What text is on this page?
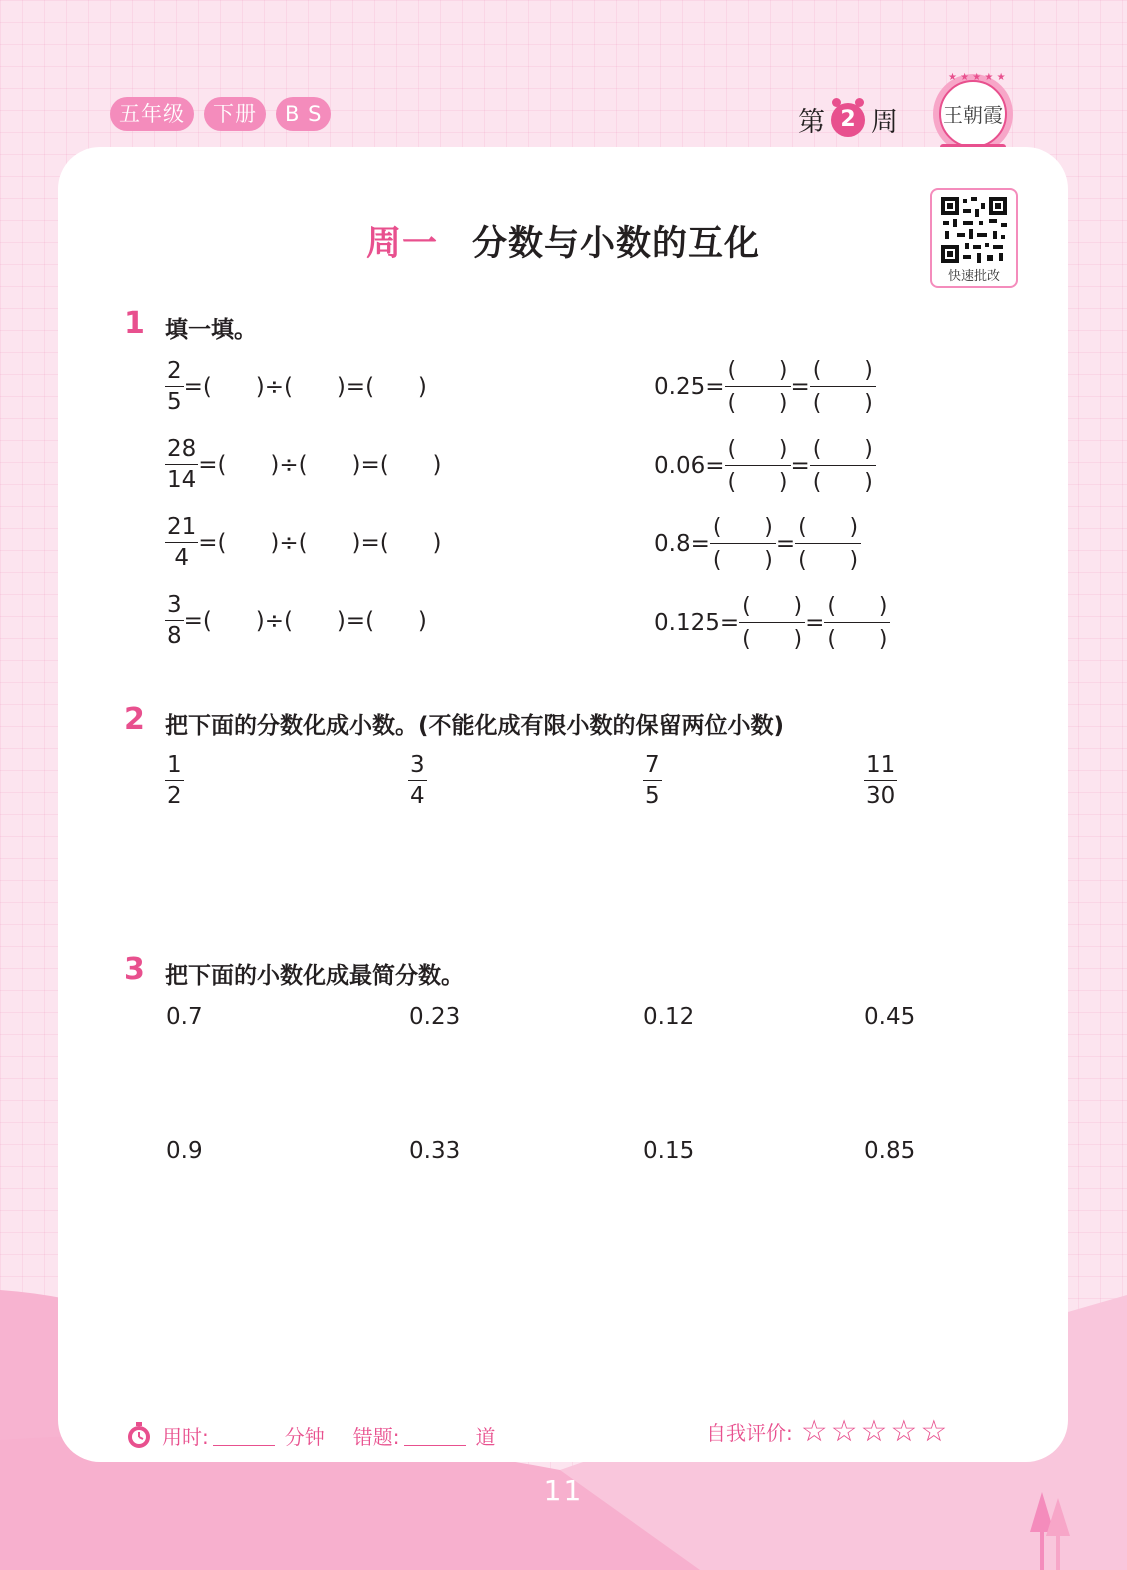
五年级	下册	B S	第 2 周 王朝霞
★ ★ ★ ★ ★
快速批改
周一 分数与小数的互化
1 填一填。
$\frac{2}{5}$ =(      )÷(      )=(      )
$\frac{28}{14}$ =(      )÷(      )=(      )
$\frac{21}{4}$ =(      )÷(      )=(      )
$\frac{3}{8}$ =(      )÷(      )=(      )
0.25 =
( )
( )
=
( )
( )
0.06 =
( )
( )
=
( )
( )
0.8 =
( )
( )
=
( )
( )
0.125 =
( )
( )
=
( )
( )
2 把下面的分数化成小数。(不能化成有限小数的保留两位小数)
$\frac{1}{2}$	$\frac{3}{4}$	$\frac{7}{5}$	$\frac{11}{30}$
3 把下面的小数化成最简分数。
0.7	0.23	0.12	0.45
0.9	0.33	0.15	0.85
用时:	分钟 错题:	道	自我评价: ☆☆☆☆☆
11
